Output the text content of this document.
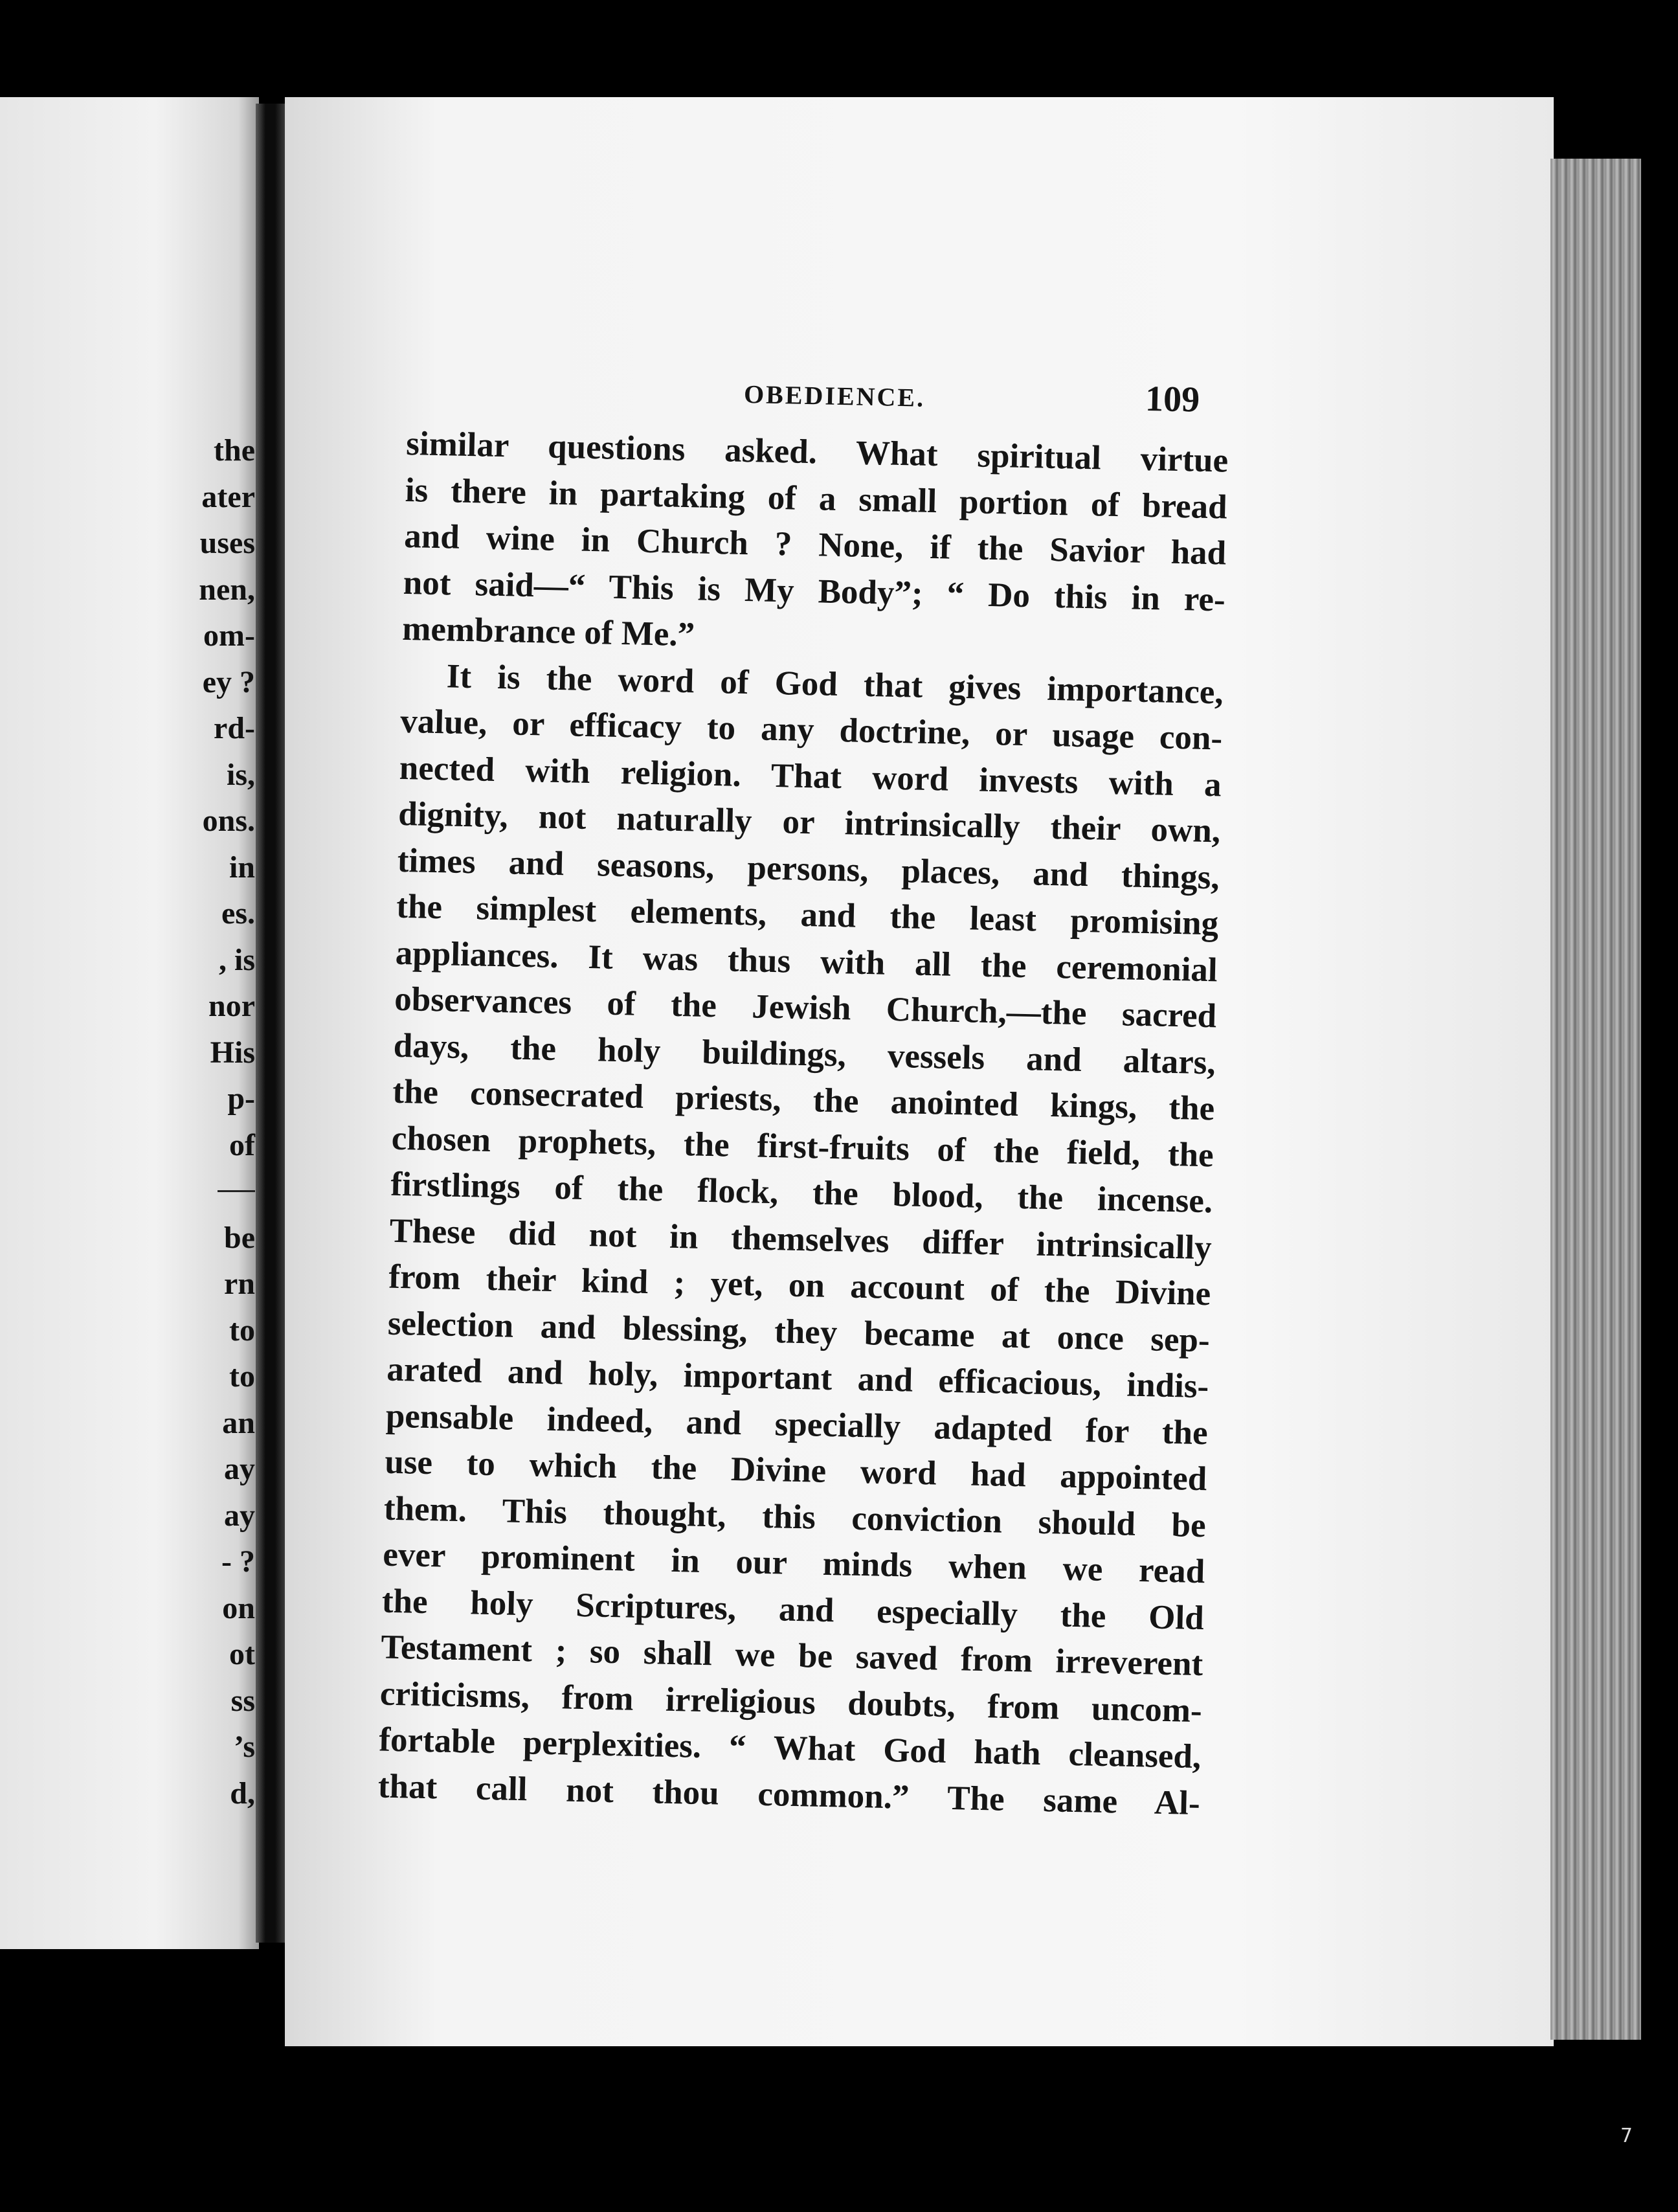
the
ater
uses
nen,
om-
ey ?
rd-
is,
ons.
in
es.
, is
nor
His
p-
of
be
rn
to
to
an
ay
ay
- ?
on
ot
ss
’s
d,
OBEDIENCE.	109
similar questions asked. What spiritual virtue
is there in partaking of a small portion of bread
and wine in Church ? None, if the Savior had
not said—“ This is My Body”; “ Do this in re-
membrance of Me.”
It is the word of God that gives importance,
value, or efficacy to any doctrine, or usage con-
nected with religion. That word invests with a
dignity, not naturally or intrinsically their own,
times and seasons, persons, places, and things,
the simplest elements, and the least promising
appliances. It was thus with all the ceremonial
observances of the Jewish Church,—the sacred
days, the holy buildings, vessels and altars,
the consecrated priests, the anointed kings, the
chosen prophets, the first-fruits of the field, the
firstlings of the flock, the blood, the incense.
These did not in themselves differ intrinsically
from their kind ; yet, on account of the Divine
selection and blessing, they became at once sep-
arated and holy, important and efficacious, indis-
pensable indeed, and specially adapted for the
use to which the Divine word had appointed
them. This thought, this conviction should be
ever prominent in our minds when we read
the holy Scriptures, and especially the Old
Testament ; so shall we be saved from irreverent
criticisms, from irreligious doubts, from uncom-
fortable perplexities. “ What God hath cleansed,
that call not thou common.” The same Al-
7
